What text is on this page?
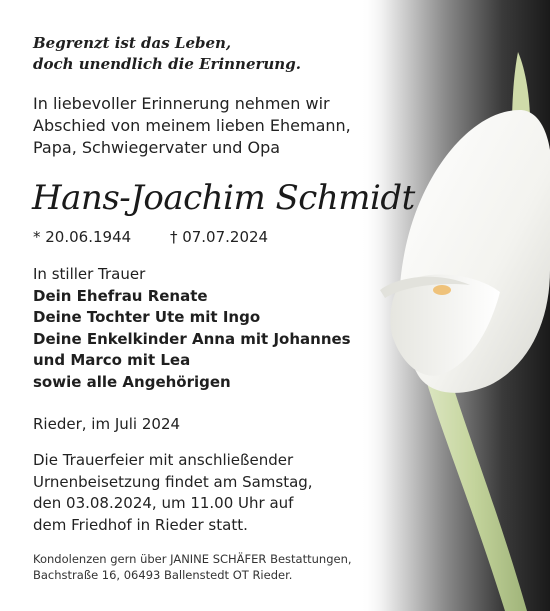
Begrenzt ist das Leben,
doch unendlich die Erinnerung.
In liebevoller Erinnerung nehmen wir
Abschied von meinem lieben Ehemann,
Papa, Schwiegervater und Opa
Hans-Joachim Schmidt
* 20.06.1944	† 07.07.2024
In stiller Trauer
Dein Ehefrau Renate
Deine Tochter Ute mit Ingo
Deine Enkelkinder Anna mit Johannes
und Marco mit Lea
sowie alle Angehörigen
Rieder, im Juli 2024
Die Trauerfeier mit anschließender
Urnenbeisetzung findet am Samstag,
den 03.08.2024, um 11.00 Uhr auf
dem Friedhof in Rieder statt.
Kondolenzen gern über JANINE SCHÄFER Bestattungen,
Bachstraße 16, 06493 Ballenstedt OT Rieder.
